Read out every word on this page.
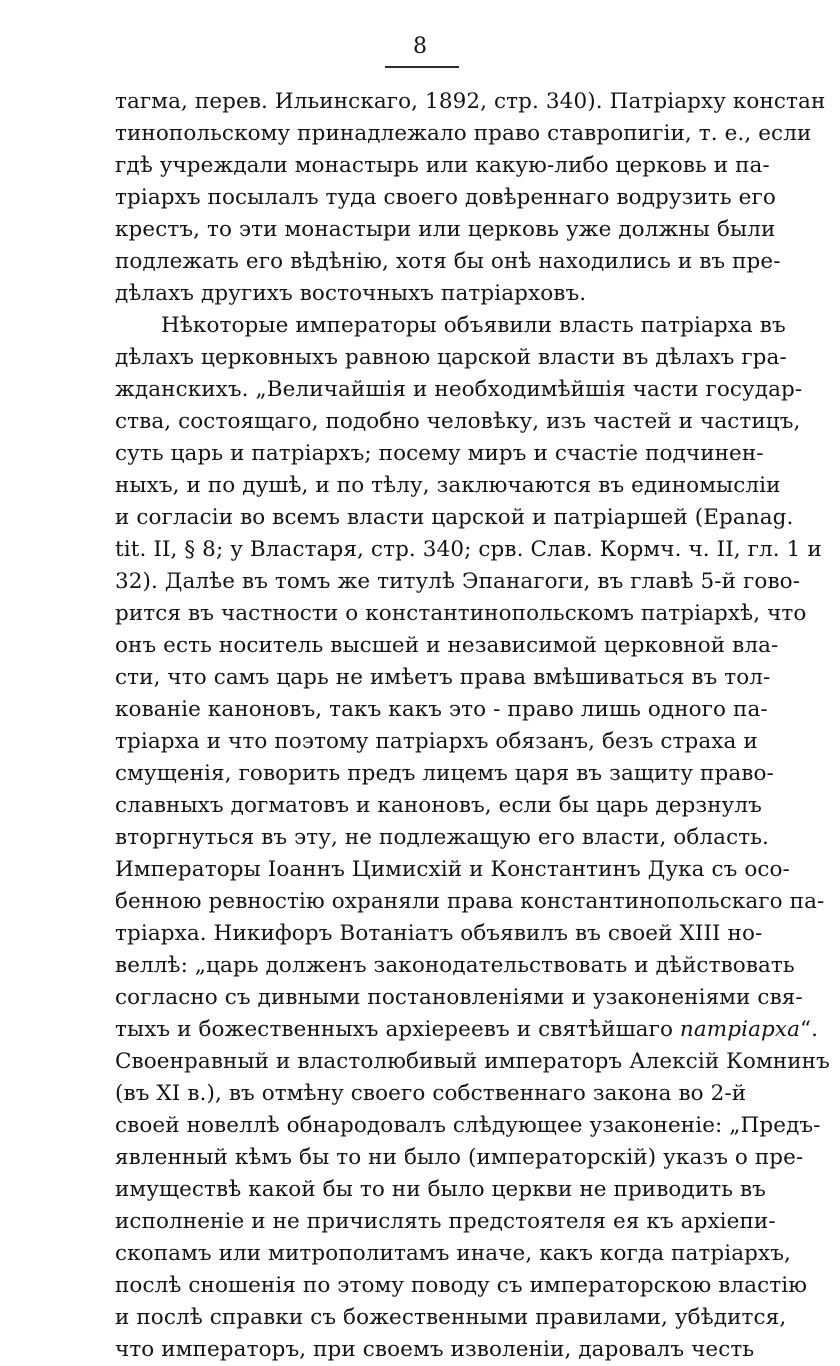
8
тагма, перев. Ильинскаго, 1892, стр. 340). Патріарху констан
тинопольскому принадлежало право ставропигіи, т. е., если
гдѣ учреждали монастырь или какую-либо церковь и па-
тріархъ посылалъ туда своего довѣреннаго водрузить его
крестъ, то эти монастыри или церковь уже должны были
подлежать его вѣдѣнію, хотя бы онѣ находились и въ пре-
дѣлахъ другихъ восточныхъ патріарховъ.
Нѣкоторые императоры объявили власть патріарха въ
дѣлахъ церковныхъ равною царской власти въ дѣлахъ гра-
жданскихъ. „Величайшія и необходимѣйшія части государ-
ства, состоящаго, подобно человѣку, изъ частей и частицъ,
суть царь и патріархъ; посему миръ и счастіе подчинен-
ныхъ, и по душѣ, и по тѣлу, заключаются въ единомысліи
и согласіи во всемъ власти царской и патріаршей (Epanag.
tit. II, § 8; у Властаря, стр. 340; срв. Слав. Кормч. ч. II, гл. 1 и
32). Далѣе въ томъ же титулѣ Эпанагоги, въ главѣ 5-й гово-
рится въ частности о константинопольскомъ патріархѣ, что
онъ есть носитель высшей и независимой церковной вла-
сти, что самъ царь не имѣетъ права вмѣшиваться въ тол-
кованіе каноновъ, такъ какъ это - право лишь одного па-
тріарха и что поэтому патріархъ обязанъ, безъ страха и
смущенія, говорить предъ лицемъ царя въ защиту право-
славныхъ догматовъ и каноновъ, если бы царь дерзнулъ
вторгнуться въ эту, не подлежащую его власти, область.
Императоры Іоаннъ Цимисхій и Константинъ Дука съ осо-
бенною ревностію охраняли права константинопольскаго па-
тріарха. Никифоръ Вотаніатъ объявилъ въ своей XIII но-
веллѣ: „царь долженъ законодательствовать и дѣйствовать
согласно съ дивными постановленіями и узаконеніями свя-
тыхъ и божественныхъ архіереевъ и святѣйшаго патріарха“.
Своенравный и властолюбивый императоръ Алексій Комнинъ
(въ XI в.), въ отмѣну своего собственнаго закона во 2-й
своей новеллѣ обнародовалъ слѣдующее узаконеніе: „Предъ-
явленный кѣмъ бы то ни было (императорскій) указъ о пре-
имуществѣ какой бы то ни было церкви не приводить въ
исполненіе и не причислять предстоятеля ея къ архіепи-
скопамъ или митрополитамъ иначе, какъ когда патріархъ,
послѣ сношенія по этому поводу съ императорскою властію
и послѣ справки съ божественными правилами, убѣдится,
что императоръ, при своемъ изволеніи, даровалъ честь
